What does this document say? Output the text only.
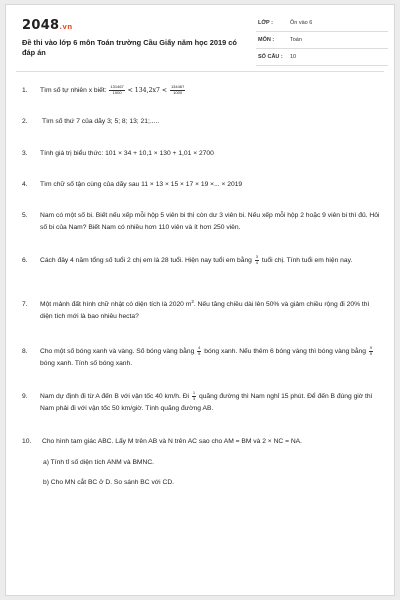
2048.vn
Đề thi vào lớp 6 môn Toán trường Cầu Giấy năm học 2019 có đáp án
LỚP :	Ôn vào 6
MÔN :	Toán
SỐ CÂU : 10
1.	Tìm số tự nhiên x biết: $\frac{131467}{1000} < 134,2x7 < \frac{134467}{1000}$
2.	Tìm số thứ 7 của dãy 3; 5; 8; 13; 21;.....
3.	Tính giá trị biểu thức: 101 × 34 + 10,1 × 130 + 1,01 × 2700
4.	Tìm chữ số tận cùng của dãy sau 11 × 13 × 15 × 17 × 19 ×... × 2019
5.	Nam có một số bi. Biết nếu xếp mỗi hộp 5 viên bi thì còn dư 3 viên bi. Nếu xếp mỗi hộp 2 hoặc 9 viên bi thì đủ. Hỏi số bi của Nam? Biết Nam có nhiều hơn 110 viên và ít hơn 250 viên.
6.	Cách đây 4 năm tổng số tuổi 2 chị em là 28 tuổi. Hiện nay tuổi em bằng $\frac{3}{4}$ tuổi chị. Tính tuổi em hiện nay.
7.	Một mảnh đất hình chữ nhật có diện tích là 2020 $m^2$. Nếu tăng chiều dài lên 50% và giảm chiều rộng đi 20% thì diện tích mới là bao nhiêu hecta?
8.	Cho một số bóng xanh và vàng. Số bóng vàng bằng $\frac{4}{5}$ bóng xanh. Nếu thêm 6 bóng vàng thì bóng vàng bằng $\frac{9}{5}$
bóng xanh. Tính số bóng xanh.
9.	Nam dự định đi từ A đến B với vận tốc 40 km/h. Đi $\frac{1}{3}$ quãng đường thì Nam nghỉ 15 phút. Để đến B đúng giờ thì Nam phải đi với vận tốc 50 km/giờ. Tính quãng đường AB.
10.	Cho hình tam giác ABC. Lấy M trên AB và N trên AC sao cho AM = BM và 2 × NC = NA.
a) Tính tỉ số diện tích ANM và BMNC.
b) Cho MN cắt BC ở D. So sánh BC với CD.
